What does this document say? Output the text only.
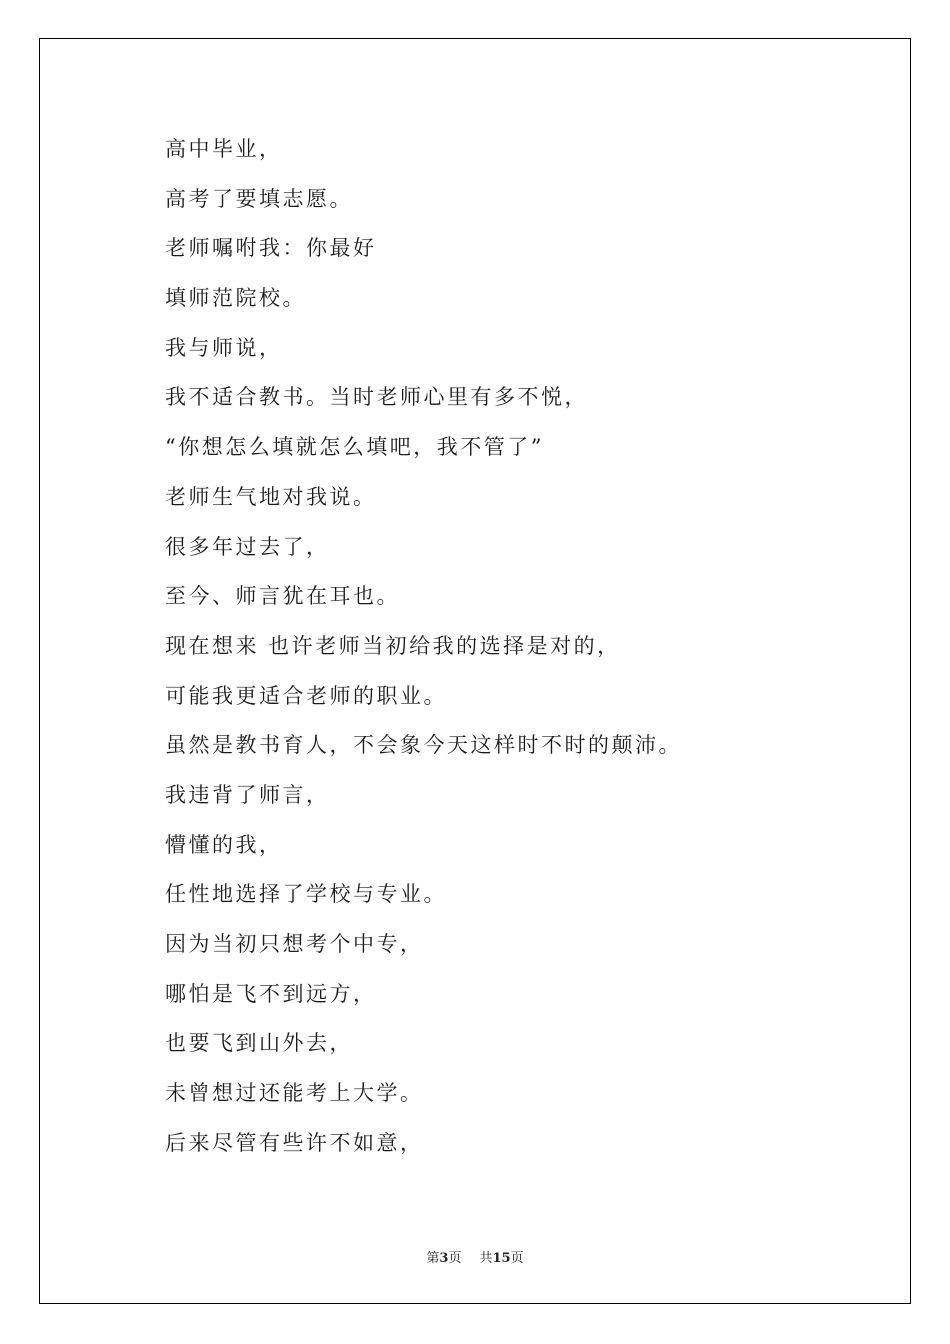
高中毕业，
高考了要填志愿。
老师嘱咐我：你最好
填师范院校。
我与师说，
我不适合教书。当时老师心里有多不悦，
“你想怎么填就怎么填吧，我不管了”
老师生气地对我说。
很多年过去了，
至今、师言犹在耳也。
现在想来 也许老师当初给我的选择是对的，
可能我更适合老师的职业。
虽然是教书育人，不会象今天这样时不时的颠沛。
我违背了师言，
懵懂的我，
任性地选择了学校与专业。
因为当初只想考个中专，
哪怕是飞不到远方，
也要飞到山外去，
未曾想过还能考上大学。
后来尽管有些许不如意，
第3页 共15页
